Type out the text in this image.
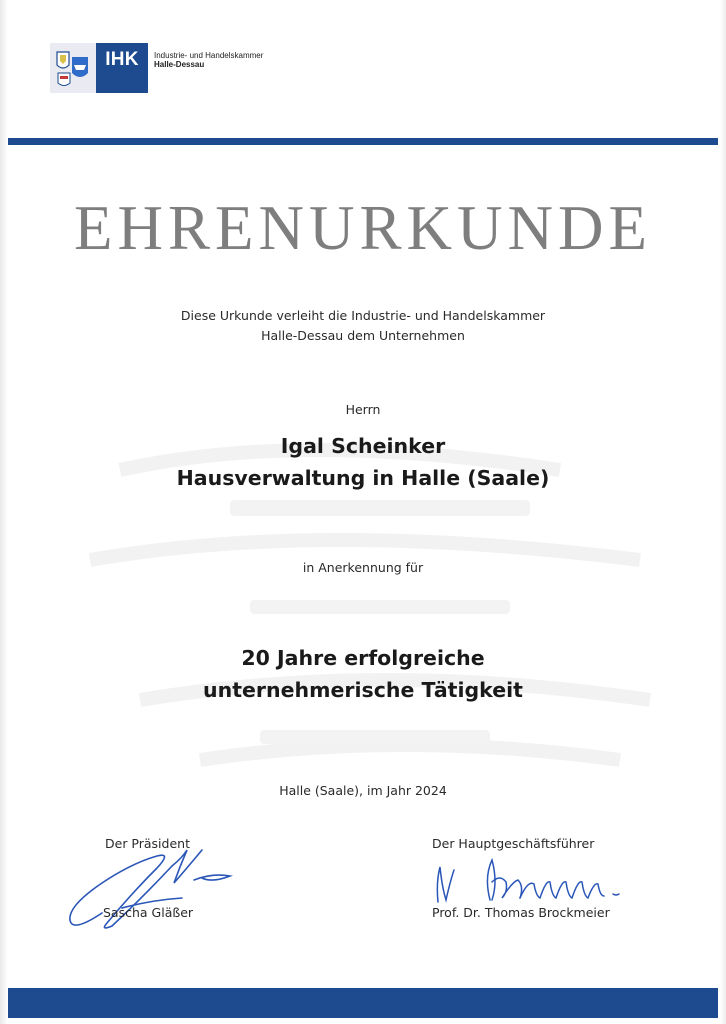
IHK	Industrie- und Handelskammer
Halle-Dessau
EHRENURKUNDE
Diese Urkunde verleiht die Industrie- und Handelskammer
Halle-Dessau dem Unternehmen
Herrn
Igal Scheinker
Hausverwaltung in Halle (Saale)
in Anerkennung für
20 Jahre erfolgreiche
unternehmerische Tätigkeit
Halle (Saale), im Jahr 2024
Der Präsident
Sascha Gläßer
Der Hauptgeschäftsführer
Prof. Dr. Thomas Brockmeier
